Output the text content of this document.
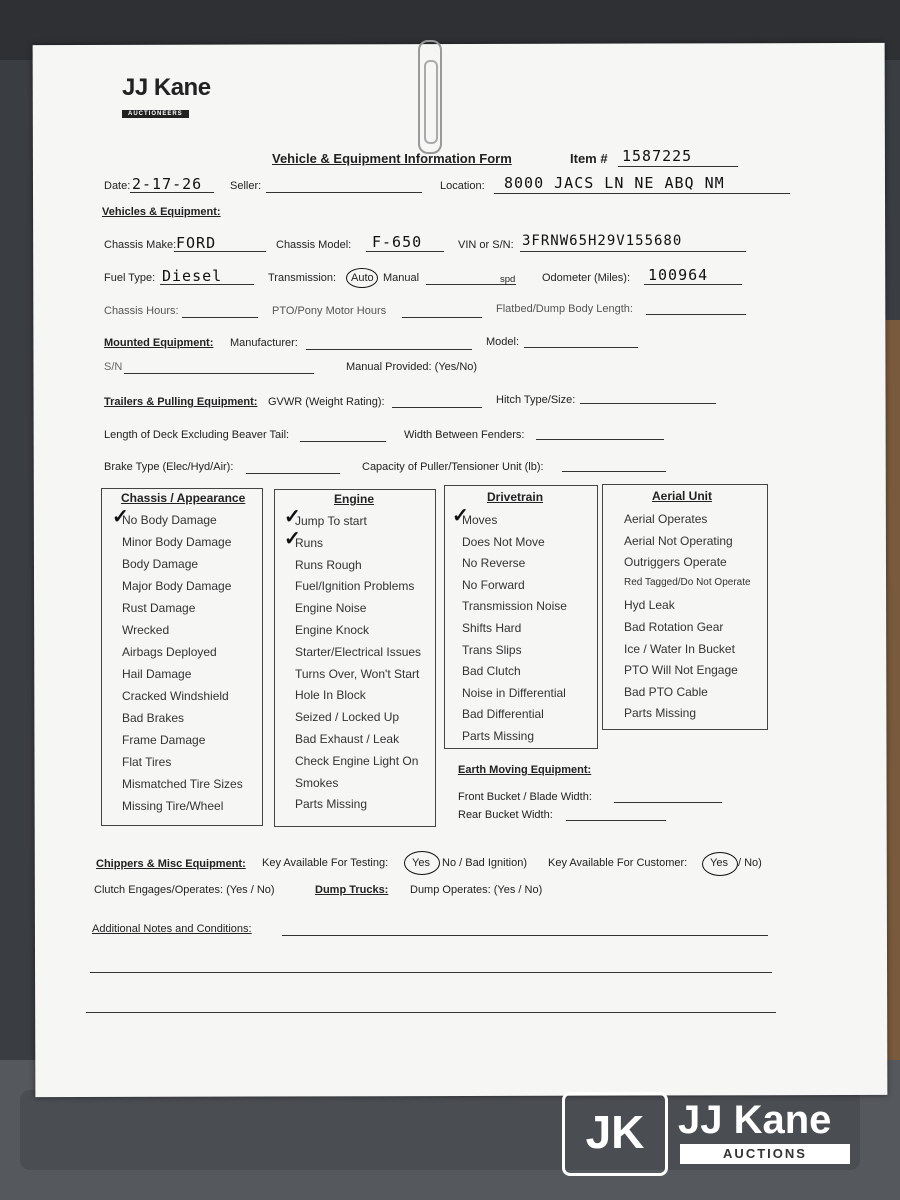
JJ Kane
AUCTIONEERS
Vehicle & Equipment Information Form	Item # 1587225
Date: 2-17-26	Seller:	Location: 8000 JACS LN NE ABQ NM
Vehicles & Equipment:
Chassis Make: FORD	Chassis Model: F-650	VIN or S/N: 3FRNW65H29V155680
Fuel Type: Diesel	Transmission: Auto Manual	spd Odometer (Miles): 100964
Chassis Hours:	PTO/Pony Motor Hours	Flatbed/Dump Body Length:
Mounted Equipment: Manufacturer:	Model:
S/N	Manual Provided: (Yes/No)
Trailers & Pulling Equipment: GVWR (Weight Rating):	Hitch Type/Size:
Length of Deck Excluding Beaver Tail:	Width Between Fenders:
Brake Type (Elec/Hyd/Air):	Capacity of Puller/Tensioner Unit (lb):
Chassis / Appearance
No Body Damage
Minor Body Damage
Body Damage
Major Body Damage
Rust Damage
Wrecked
Airbags Deployed
Hail Damage
Cracked Windshield
Bad Brakes
Frame Damage
Flat Tires
Mismatched Tire Sizes
Missing Tire/Wheel
Engine
Jump To start
Runs
Runs Rough
Fuel/Ignition Problems
Engine Noise
Engine Knock
Starter/Electrical Issues
Turns Over, Won't Start
Hole In Block
Seized / Locked Up
Bad Exhaust / Leak
Check Engine Light On
Smokes
Parts Missing
Drivetrain
Moves
Does Not Move
No Reverse
No Forward
Transmission Noise
Shifts Hard
Trans Slips
Bad Clutch
Noise in Differential
Bad Differential
Parts Missing
Aerial Unit
Aerial Operates
Aerial Not Operating
Outriggers Operate
Red Tagged/Do Not Operate
Hyd Leak
Bad Rotation Gear
Ice / Water In Bucket
PTO Will Not Engage
Bad PTO Cable
Parts Missing
✓	✓
✓
✓
Earth Moving Equipment:
Front Bucket / Blade Width:
Rear Bucket Width:
Chippers & Misc Equipment: Key Available For Testing: Yes No / Bad Ignition) Key Available For Customer: Yes / No)
Clutch Engages/Operates: (Yes / No)	Dump Trucks: Dump Operates: (Yes / No)
Additional Notes and Conditions:
JK JJ Kane
AUCTIONS
